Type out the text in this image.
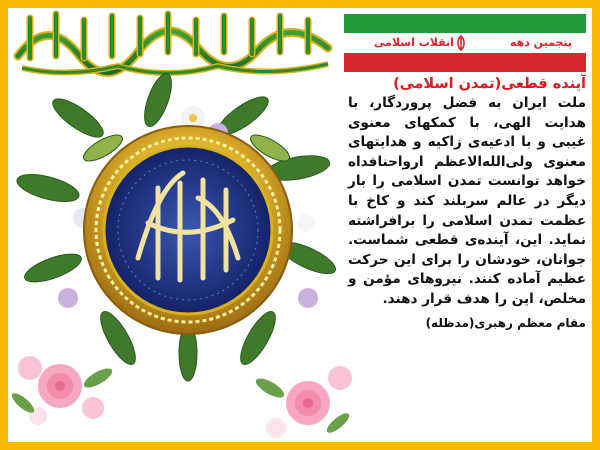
پنجمین دهه
انقلاب اسلامی

آینده قطعی(تمدن اسلامی)

ملت ایران به فضل پروردگار، با هدایت الهی، با کمکهای معنوی غیبی و با ادعیه‌ی زاکیه و هدایتهای معنوی ولی‌الله‌الاعظم اروا‌حنافداه خواهد توانست تمدن اسلامی را بار دیگر در عالم سربلند کند و کاخ با عظمت تمدن اسلامی را برافراشته نماید. این، آینده‌ی قطعی شماست. جوانان، خودشان را برای این حرکت عظیم آماده کنند. نیروهای مؤمن و مخلص، این را هدف قرار دهند.

مقام معظم رهبری(مدظله)
